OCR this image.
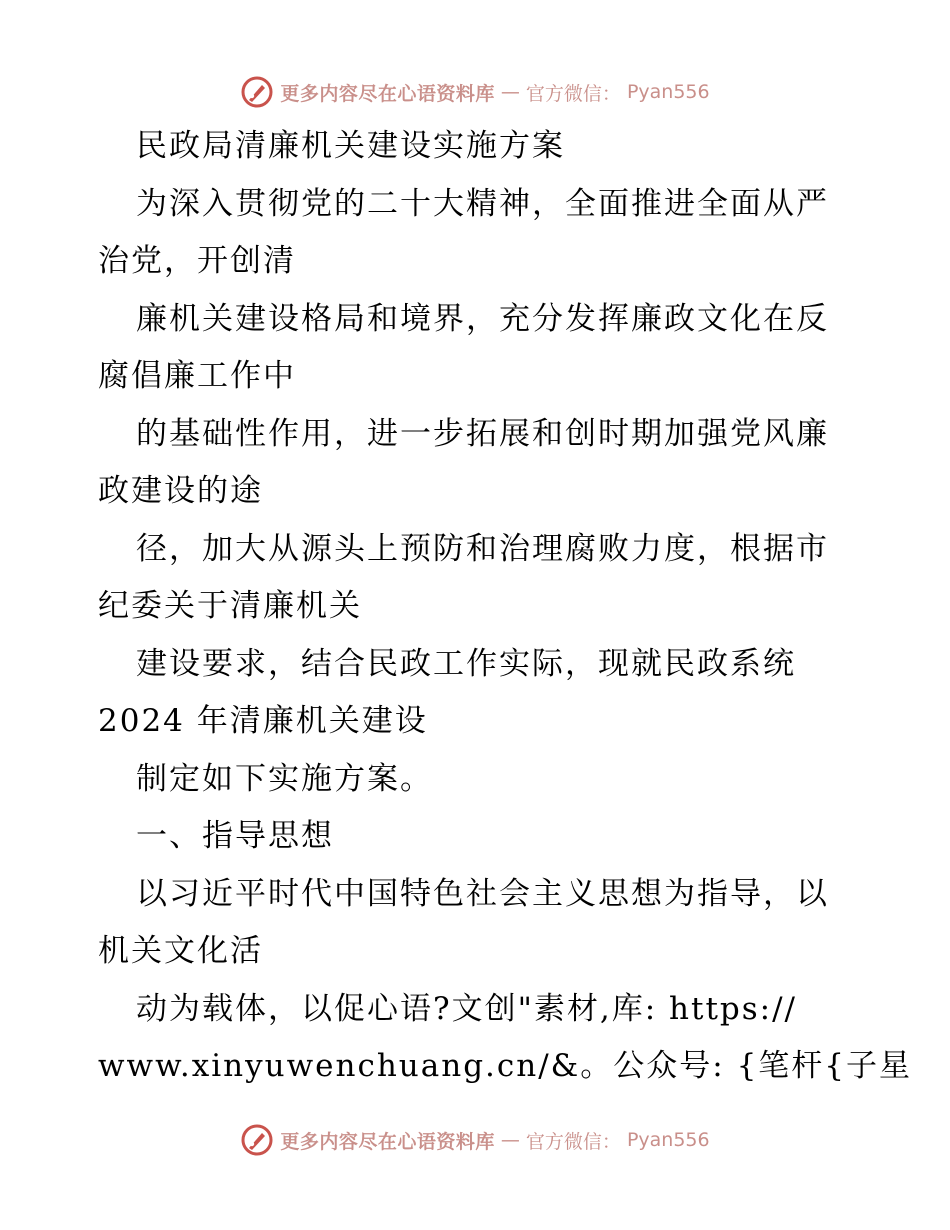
更多内容尽在心语资料库 — 官方微信： Pyan556
民政局清廉机关建设实施方案
为深入贯彻党的二十大精神，全面推进全面从严
治党，开创清
廉机关建设格局和境界，充分发挥廉政文化在反
腐倡廉工作中
的基础性作用，进一步拓展和创时期加强党风廉
政建设的途
径，加大从源头上预防和治理腐败力度，根据市
纪委关于清廉机关
建设要求，结合民政工作实际，现就民政系统
2024 年清廉机关建设
制定如下实施方案。
一、指导思想
以习近平时代中国特色社会主义思想为指导，以
机关文化活
动为载体，以促心语?文创"素材,库: https://
www.xinyuwenchuang.cn/&。公众号: {笔杆{子星
更多内容尽在心语资料库 — 官方微信： Pyan556
